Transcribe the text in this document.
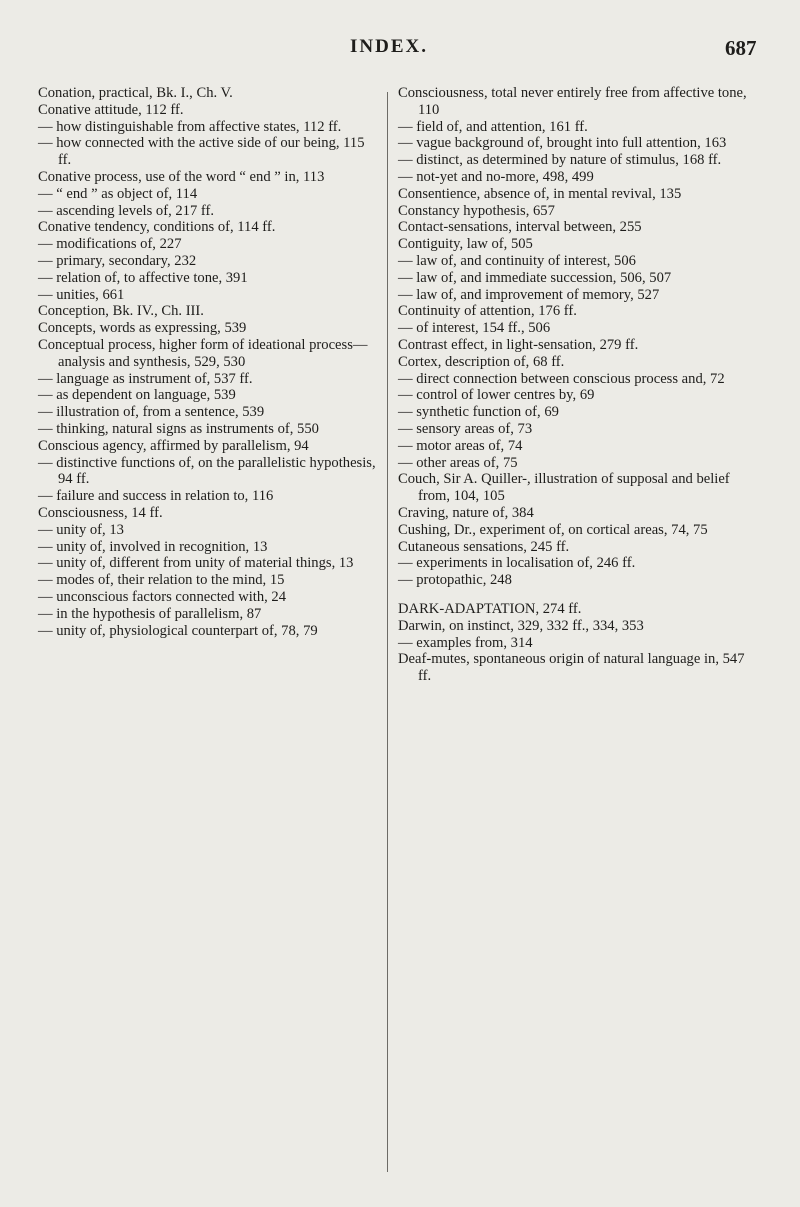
INDEX.	687

Conation, practical, Bk. I., Ch. V.

Conative attitude, 112 ff.

— how distinguishable from affective states, 112 ff.

— how connected with the active side of our being, 115 ff.

Conative process, use of the word “ end ” in, 113

— “ end ” as object of, 114

— ascending levels of, 217 ff.

Conative tendency, conditions of, 114 ff.

— modifications of, 227

— primary, secondary, 232

— relation of, to affective tone, 391

— unities, 661

Conception, Bk. IV., Ch. III.

Concepts, words as expressing, 539

Conceptual process, higher form of ideational process—analysis and synthesis, 529, 530

— language as instrument of, 537 ff.

— as dependent on language, 539

— illustration of, from a sentence, 539

— thinking, natural signs as instruments of, 550

Conscious agency, affirmed by parallelism, 94

— distinctive functions of, on the parallelistic hypothesis, 94 ff.

— failure and success in relation to, 116

Consciousness, 14 ff.

— unity of, 13

— unity of, involved in recognition, 13

— unity of, different from unity of material things, 13

— modes of, their relation to the mind, 15

— unconscious factors connected with, 24

— in the hypothesis of parallelism, 87

— unity of, physiological counterpart of, 78, 79

Consciousness, total never entirely free from affective tone, 110

— field of, and attention, 161 ff.

— vague background of, brought into full attention, 163

— distinct, as determined by nature of stimulus, 168 ff.

— not-yet and no-more, 498, 499

Consentience, absence of, in mental revival, 135

Constancy hypothesis, 657

Contact-sensations, interval between, 255

Contiguity, law of, 505

— law of, and continuity of interest, 506

— law of, and immediate succession, 506, 507

— law of, and improvement of memory, 527

Continuity of attention, 176 ff.

— of interest, 154 ff., 506

Contrast effect, in light-sensation, 279 ff.

Cortex, description of, 68 ff.

— direct connection between conscious process and, 72

— control of lower centres by, 69

— synthetic function of, 69

— sensory areas of, 73

— motor areas of, 74

— other areas of, 75

Couch, Sir A. Quiller-, illustration of supposal and belief from, 104, 105

Craving, nature of, 384

Cushing, Dr., experiment of, on cortical areas, 74, 75

Cutaneous sensations, 245 ff.

— experiments in localisation of, 246 ff.

— protopathic, 248

DARK-ADAPTATION, 274 ff.

Darwin, on instinct, 329, 332 ff., 334, 353

— examples from, 314

Deaf-mutes, spontaneous origin of natural language in, 547 ff.
